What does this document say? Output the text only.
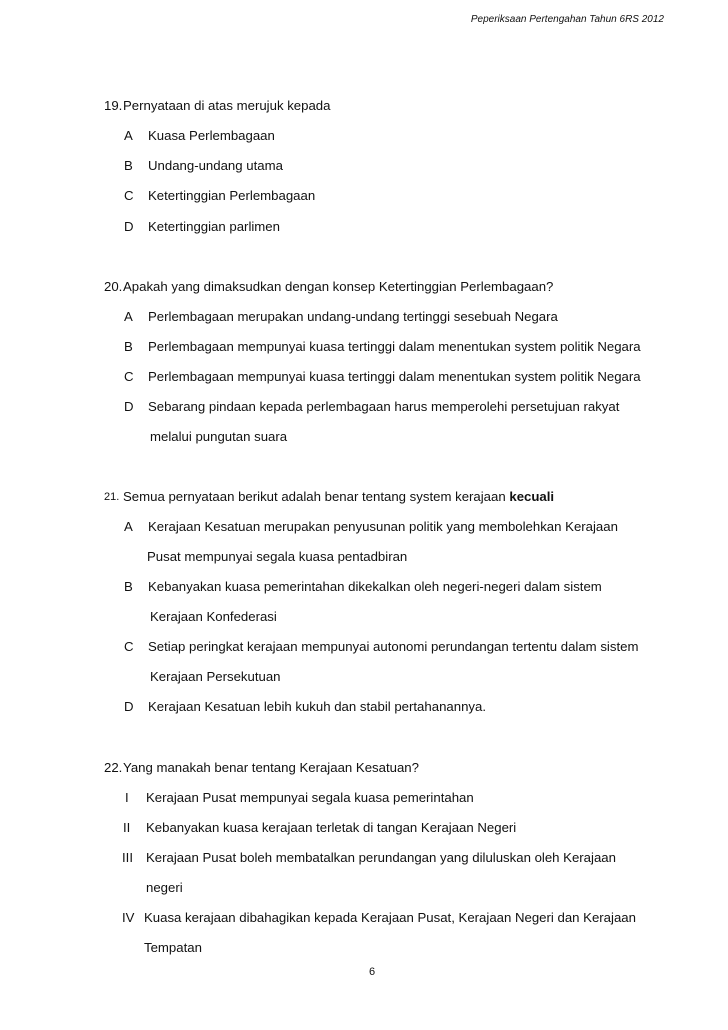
Peperiksaan Pertengahan Tahun 6RS 2012
19. Pernyataan di atas merujuk kepada
A Kuasa Perlembagaan
B Undang-undang utama
C Ketertinggian Perlembagaan
D Ketertinggian parlimen
20. Apakah yang dimaksudkan dengan konsep Ketertinggian Perlembagaan?
A Perlembagaan merupakan undang-undang tertinggi sesebuah Negara
B Perlembagaan mempunyai kuasa tertinggi dalam menentukan system politik Negara
C Perlembagaan mempunyai kuasa tertinggi dalam menentukan system politik Negara
D Sebarang pindaan kepada perlembagaan harus memperolehi persetujuan rakyat
melalui pungutan suara
21. Semua pernyataan berikut adalah benar tentang system kerajaan kecuali
A Kerajaan Kesatuan merupakan penyusunan politik yang membolehkan Kerajaan
Pusat mempunyai segala kuasa pentadbiran
B Kebanyakan kuasa pemerintahan dikekalkan oleh negeri-negeri dalam sistem
Kerajaan Konfederasi
C Setiap peringkat kerajaan mempunyai autonomi perundangan tertentu dalam sistem
Kerajaan Persekutuan
D Kerajaan Kesatuan lebih kukuh dan stabil pertahanannya.
22. Yang manakah benar tentang Kerajaan Kesatuan?
I Kerajaan Pusat mempunyai segala kuasa pemerintahan
II Kebanyakan kuasa kerajaan terletak di tangan Kerajaan Negeri
III Kerajaan Pusat boleh membatalkan perundangan yang diluluskan oleh Kerajaan
negeri
IV Kuasa kerajaan dibahagikan kepada Kerajaan Pusat, Kerajaan Negeri dan Kerajaan
Tempatan
6
